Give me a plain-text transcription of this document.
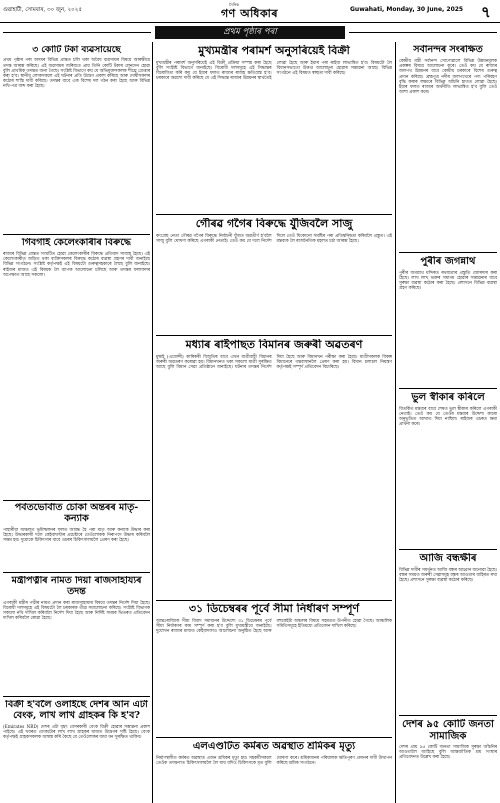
গুৱাহাটী, সোমবাৰ, ৩০ জুন, ২০২৫
দৈনিক
গণ অধিকাৰ	Guwahati, Monday, 30 June, 2025 ৭
প্ৰথম পৃষ্ঠাৰ পৰা
৩ কোটি টকা ব্যৱসায়েছে

প্ৰথম পৃষ্ঠাৰ পৰা অসমৰ বিভিন্ন প্ৰান্তত চলি থকা অবৈধ ব্যৱসায়ৰ বিষয়ে আৰক্ষীয়ে তদন্ত আৰম্ভ কৰিছে। এই ব্যৱসায়ৰ জৰিয়তে প্ৰায় তিনি কোটি টকাৰ লেনদেন হোৱা বুলি প্ৰাথমিক তদন্তত জনা গৈছে। সংশ্লিষ্ট বিভাগে কয় যে অভিযুক্তসকলক শীঘ্ৰে গ্ৰেপ্তাৰ কৰা হ'ব। স্থানীয় লোকসকলে এই ঘটনাৰ প্ৰতি উদ্বেগ প্ৰকাশ কৰিছে আৰু দোষীসকলৰ কঠোৰ শাস্তি দাবী কৰিছে। তদন্তৰ বাবে এক বিশেষ দল গঠন কৰা হৈছে আৰু বিভিন্ন নথি-পত্ৰ জব্দ কৰা হৈছে।

গিবগাই কেলেংকাৰীৰ বিৰুদ্ধে

ৰাজ্যৰ বিভিন্ন প্ৰান্তত সংঘটিত হোৱা কেলেংকাৰীৰ বিৰুদ্ধে প্ৰতিবাদ সাব্যস্ত হৈছে। এই কেলেংকাৰীত জড়িত থকা ব্যক্তিসকলৰ বিৰুদ্ধে কঠোৰ ব্যৱস্থা গ্ৰহণৰ দাবী জনাইছে বিভিন্ন সংগঠনে। সংশ্লিষ্ট কৰ্তৃপক্ষই এই বিষয়টো গুৰুত্বসহকাৰে লৈছে বুলি জনাইছে। ৰাইজৰ মাজত এই বিষয়ক লৈ ব্যাপক আলোচনা চলিছে আৰু তদন্তৰ ফলাফলৰ অপেক্ষাত আছে সকলো।

পৰ্বতভোৰ্বাত চোকা অন্তৰৰ মাতৃ-কন্যাক

পাহাৰীয়া অঞ্চলত ভূমিস্খলনৰ ফলত আবদ্ধ হৈ পৰা মাতৃ আৰু কন্যাক উদ্ধাৰ কৰা হৈছে। উদ্ধাৰকাৰী দলে কেইবাঘণ্টাৰ প্ৰচেষ্টাৰে তেওঁলোকক নিৰাপদে উদ্ধাৰ কৰিবলৈ সক্ষম হয়। দুয়োকে চিকিৎসাৰ বাবে ওচৰৰ চিকিৎসালয়লৈ প্ৰেৰণ কৰা হৈছে।

মন্ত্ৰীপত্নীৰ নামত দিয়া ৰাজসাহায্যৰ তদন্ত

এগৰাকী মন্ত্ৰীৰ পত্নীৰ নামত প্ৰদান কৰা ৰাজসাহায্যৰ বিষয়ে তদন্তৰ নিৰ্দেশ দিয়া হৈছে। বিৰোধী দলসমূহে এই বিষয়টো লৈ চৰকাৰক তীব্ৰ সমালোচনা কৰিছে। সংশ্লিষ্ট বিভাগক সকলো নথি দাখিল কৰিবলৈ নিৰ্দেশ দিয়া হৈছে আৰু নিৰ্দিষ্ট সময়ৰ ভিতৰত প্ৰতিবেদন দাখিল কৰিবলৈ কোৱা হৈছে।

বিক্ৰী হ'বলৈ ওলাইছে দেশৰ আন এটা বেংক, লাখ লাখ গ্ৰাহকৰ কি হ'ব?

(Emirates NBD) দেশৰ এটা বৃহৎ বেসৰকাৰী বেংক বিক্ৰী হোৱাৰ সম্ভাৱনা প্ৰকাশ পাইছে। এই খবৰত বেংকটোৰ লাখ লাখ গ্ৰাহকৰ মাজত উদ্বেগৰ সৃষ্টি হৈছে। বেংক কৰ্তৃপক্ষই গ্ৰাহকসকলক আশ্বস্ত কৰি কৈছে যে তেওঁলোকৰ জমা ধন সুৰক্ষিত থাকিব।

মুখ্যমন্ত্ৰীৰ পৰামৰ্শ অনুসৰিয়েই বিক্ৰী

মুখ্যমন্ত্ৰীৰ পৰামৰ্শ অনুসৰিয়েই এই বিক্ৰী প্ৰক্ৰিয়া সম্পন্ন কৰা হৈছে বুলি সংশ্লিষ্ট বিভাগে জনাইছে। বিৰোধী দলসমূহে এই সিদ্ধান্তৰ বিৰোধিতা কৰি কয় যে ইয়াৰ ফলত ৰাজ্যৰ ৰাজহ ক্ষতিগ্ৰস্ত হ'ব। চৰকাৰে অৱশ্যে দাবী কৰিছে যে এই সিদ্ধান্ত ৰাজ্যৰ উন্নয়নৰ স্বাৰ্থতেই লোৱা হৈছে আৰু ইয়াৰ পৰা ৰাইজ লাভান্বিত হ'ব। বিষয়টো লৈ বিধানসভাতো উত্তপ্ত আলোচনা হোৱাৰ সম্ভাৱনা আছে। বিভিন্ন সংগঠনে এই বিষয়ত স্বচ্ছতা দাবী কৰিছে।

গৌৰৱ গগৈৰ বিৰুদ্ধে যুঁজিবলৈ সাজু

কংগ্ৰেছ নেতা গৌৰৱ গগৈৰ বিৰুদ্ধে নিৰ্বাচনী যুঁজত অৱতীৰ্ণ হ'বলৈ সাজু বুলি ঘোষণা কৰিছে এগৰাকী নেতাই। তেওঁ কয় যে দলে নিৰ্দেশ দিলে তেওঁ যিকোনো সমষ্টিৰ পৰা প্ৰতিদ্বন্দ্বিতা কৰিবলৈ প্ৰস্তুত। এই মন্তব্যক লৈ ৰাজনৈতিক মহলত চৰ্চা আৰম্ভ হৈছে।

মধ্যাৰ ৰাইপাছত বিমানৰ জৰুৰী অৱতৰণ

মুম্বাই (এজেন্সী) কাৰিকৰী বিজুতিৰ বাবে এখন যাত্ৰীবাহী বিমানৰ জৰুৰী অৱতৰণ কৰোৱা হয়। বিমানখনত থকা সকলো যাত্ৰী সুৰক্ষিত আছে বুলি বিমান সেৱা প্ৰতিষ্ঠানে জনাইছে। ঘটনাৰ তদন্তৰ নিৰ্দেশ দিয়া হৈছে আৰু বিমানখন পৰীক্ষা কৰা হৈছে। যাত্ৰীসকলক বিকল্প বিমানেৰে গন্তব্যস্থানলৈ প্ৰেৰণ কৰা হয়। বিমান চলাচল নিয়ন্ত্ৰণ কৰ্তৃপক্ষই সম্পূৰ্ণ প্ৰতিবেদন বিচাৰিছে।

৩১ ডিচেম্বৰৰ পূৰ্বে সীমা নিৰ্ধাৰণ সম্পূৰ্ণ

আন্তঃৰাজ্যিক সীমা বিবাদ সমাধানৰ উদ্দেশ্যে ৩১ ডিচেম্বৰৰ পূৰ্বে সীমা নিৰ্ধাৰণৰ কাম সম্পূৰ্ণ কৰা হ'ব বুলি মুখ্যমন্ত্ৰীয়ে জনাইছে। দুয়োখন ৰাজ্যৰ মাজত কেইবাদফাও আলোচনা অনুষ্ঠিত হৈছে আৰু বহুকেইটা অঞ্চলৰ বিষয়ে সহমতত উপনীত হোৱা গৈছে। আঞ্চলিক সমিতিসমূহে ইতিমধ্যে প্ৰতিবেদন দাখিল কৰিছে।

এলএণ্ডটিত কৰ্মৰত অৱস্থাত শ্ৰমিকৰ মৃত্যু

নিৰ্মাণস্থলীত কৰ্মৰত অৱস্থাত এজন শ্ৰমিকৰ মৃত্যু হয়। সহকৰ্মীসকলে তেওঁক তৎক্ষণাত চিকিৎসালয়লৈ লৈ যায় যদিও চিকিৎসকে মৃত বুলি ঘোষণা কৰে। শ্ৰমিকজনৰ পৰিয়ালক ক্ষতিপূৰণ প্ৰদানৰ দাবী উত্থাপন কৰিছে শ্ৰমিক সংগঠনে।

সৰ্বানন্দৰ সংৰক্ষিত

কেন্দ্ৰীয় মন্ত্ৰী সৰ্বানন্দ সোণোৱালে বিভিন্ন উন্নয়নমূলক প্ৰকল্পৰ বিষয়ে আলোচনা কৰে। তেওঁ কয় যে ৰাজ্যৰ জলপথ উন্নয়নৰ বাবে কেন্দ্ৰীয় চৰকাৰে বিশেষ গুৰুত্ব প্ৰদান কৰিছে। ব্ৰহ্মপুত্ৰ নদীৰ জলপথেৰে পণ্য পৰিবহণ বৃদ্ধি কৰাৰ লক্ষ্যৰে বিভিন্ন আঁচনি হাতত লোৱা হৈছে। ইয়াৰ ফলত ৰাজ্যৰ অৰ্থনীতি লাভান্বিত হ'ব বুলি তেওঁ আশা প্ৰকাশ কৰে।

পুৰীৰ জগন্নাথ

পুৰীৰ জগন্নাথ মন্দিৰত ৰথযাত্ৰাৰ প্ৰস্তুতি জোৰদাৰ কৰা হৈছে। লাখ লাখ ভক্তৰ সমাগম হোৱাৰ সম্ভাৱনাৰ বাবে সুৰক্ষা ব্যৱস্থা কঠোৰ কৰা হৈছে। প্ৰশাসনে বিভিন্ন ব্যৱস্থা গ্ৰহণ কৰিছে।

ভুল স্বীকাৰ কৰিলে

বিতৰ্কিত মন্তব্যৰ বাবে শেষত ভুল স্বীকাৰ কৰিলে এগৰাকী নেতাই। তেওঁ কয় যে তেওঁৰ মন্তব্যৰ উদ্দেশ্য কাৰো অনুভূতিত আঘাত দিয়া নাছিল। ৰাইজৰ ওচৰত ক্ষমা প্ৰাৰ্থনা কৰে।

আজি বন্ধক্ষীৰ

বিভিন্ন দাবীৰ সমৰ্থনত আজি বন্ধৰ আহ্বান জনোৱা হৈছে। বন্ধৰ সময়ত জৰুৰী সেৱাসমূহ বন্ধৰ আওতাৰ বাহিৰত ৰখা হৈছে। প্ৰশাসনে সুৰক্ষা ব্যৱস্থা কঠোৰ কৰিছে।

দেশৰ ৯৫ কোটি জনতা সামাজিক

দেশৰ প্ৰায় ৯৫ কোটি জনতা সামাজিক সুৰক্ষা আঁচনিৰ আওতালৈ আহিছে বুলি আন্তৰ্জাতিক শ্ৰম সংস্থাৰ প্ৰতিবেদনত উল্লেখ কৰা হৈছে।
